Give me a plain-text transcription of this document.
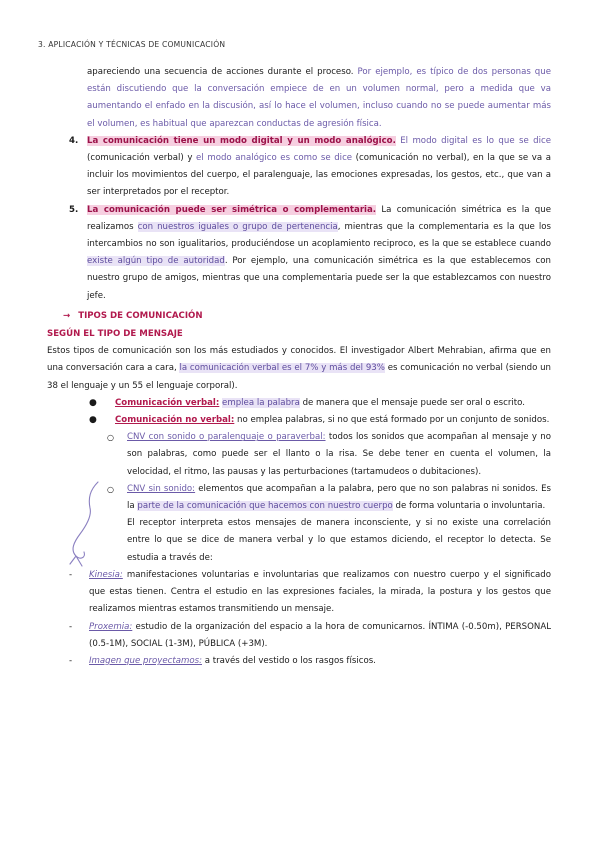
3. APLICACIÓN Y TÉCNICAS DE COMUNICACIÓN

apareciendo una secuencia de acciones durante el proceso. Por ejemplo, es típico de dos personas que están discutiendo que la conversación empiece de en un volumen normal, pero a medida que va aumentando el enfado en la discusión, así lo hace el volumen, incluso cuando no se puede aumentar más el volumen, es habitual que aparezcan conductas de agresión física.

4. La comunicación tiene un modo digital y un modo analógico. El modo digital es lo que se dice (comunicación verbal) y el modo analógico es como se dice (comunicación no verbal), en la que se va a incluir los movimientos del cuerpo, el paralenguaje, las emociones expresadas, los gestos, etc., que van a ser interpretados por el receptor.

5. La comunicación puede ser simétrica o complementaria. La comunicación simétrica es la que realizamos con nuestros iguales o grupo de pertenencia, mientras que la complementaria es la que los intercambios no son igualitarios, produciéndose un acoplamiento reciproco, es la que se establece cuando existe algún tipo de autoridad. Por ejemplo, una comunicación simétrica es la que establecemos con nuestro grupo de amigos, mientras que una complementaria puede ser la que establezcamos con nuestro jefe.

→ TIPOS DE COMUNICACIÓN
SEGÚN EL TIPO DE MENSAJE

Estos tipos de comunicación son los más estudiados y conocidos. El investigador Albert Mehrabian, afirma que en una conversación cara a cara, la comunicación verbal es el 7% y más del 93% es comunicación no verbal (siendo un 38 el lenguaje y un 55 el lenguaje corporal).

● Comunicación verbal: emplea la palabra de manera que el mensaje puede ser oral o escrito.

● Comunicación no verbal: no emplea palabras, si no que está formado por un conjunto de sonidos.

○ CNV con sonido o paralenguaje o paraverbal: todos los sonidos que acompañan al mensaje y no son palabras, como puede ser el llanto o la risa. Se debe tener en cuenta el volumen, la velocidad, el ritmo, las pausas y las perturbaciones (tartamudeos o dubitaciones).

○ CNV sin sonido: elementos que acompañan a la palabra, pero que no son palabras ni sonidos. Es la parte de la comunicación que hacemos con nuestro cuerpo de forma voluntaria o involuntaria.

El receptor interpreta estos mensajes de manera inconsciente, y si no existe una correlación entre lo que se dice de manera verbal y lo que estamos diciendo, el receptor lo detecta. Se estudia a través de:

- Kinesia: manifestaciones voluntarias e involuntarias que realizamos con nuestro cuerpo y el significado que estas tienen. Centra el estudio en las expresiones faciales, la mirada, la postura y los gestos que realizamos mientras estamos transmitiendo un mensaje.

- Proxemia: estudio de la organización del espacio a la hora de comunicarnos. ÍNTIMA (-0.50m), PERSONAL (0.5-1M), SOCIAL (1-3M), PÚBLICA (+3M).

- Imagen que proyectamos: a través del vestido o los rasgos físicos.
